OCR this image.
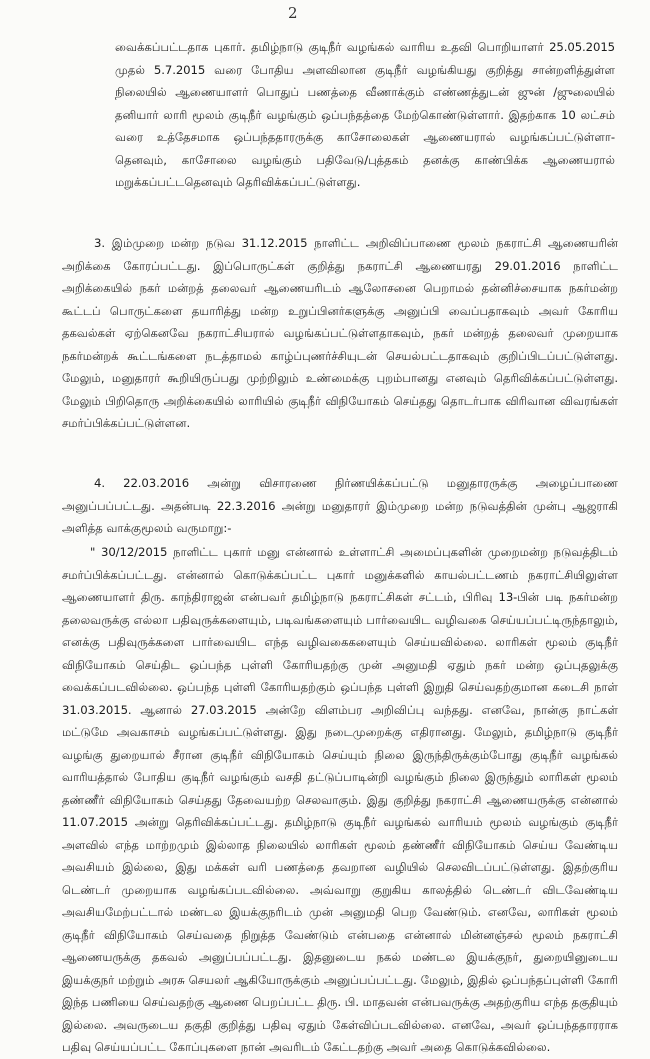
2

வைக்கப்பட்டதாக புகார். தமிழ்நாடு குடிநீர் வழங்கல் வாரிய உதவி பொறியாளர் 25.05.2015 முதல் 5.7.2015 வரை போதிய அளவிலான குடிநீர் வழங்கியது குறித்து சான்றளித்துள்ள நிலையில் ஆணையாளர் பொதுப் பணத்தை வீணாக்கும் எண்ணத்துடன் ஜுன் /ஜுலையில் தனியார் லாரி மூலம் குடிநீர் வழங்கும் ஒப்பந்தத்தை மேற்கொண்டுள்ளார். இதற்காக 10 லட்சம் வரை உத்தேசமாக ஒப்பந்ததாரருக்கு காசோலைகள் ஆணையரால் வழங்கப்பட்டுள்ளா- தெனவும், காசோலை வழங்கும் பதிவேடு/புத்தகம் தனக்கு காண்பிக்க ஆணையரால் மறுக்கப்பட்டதெனவும் தெரிவிக்கப்பட்டுள்ளது.

3. இம்முறை மன்ற நடுவ 31.12.2015 நாளிட்ட அறிவிப்பாணை மூலம் நகராட்சி ஆணையரின் அறிக்கை கோரப்பட்டது. இப்பொருட்கள் குறித்து நகராட்சி ஆணையரது 29.01.2016 நாளிட்ட அறிக்கையில் நகர் மன்றத் தலைவர் ஆணையரிடம் ஆலோசனை பெறாமல் தன்னிச்சையாக நகர்மன்ற கூட்டப் பொருட்களை தயாரித்து மன்ற உறுப்பினர்களுக்கு அனுப்பி வைப்பதாகவும் அவர் கோரிய தகவல்கள் ஏற்கெனவே நகராட்சியரால் வழங்கப்பட்டுள்ளதாகவும், நகர் மன்றத் தலைவர் முறையாக நகர்மன்றக் கூட்டங்களை நடத்தாமல் காழ்ப்புணர்ச்சியுடன் செயல்பட்டதாகவும் குறிப்பிடப்பட்டுள்ளது. மேலும், மனுதாரர் கூறியிருப்பது முற்றிலும் உண்மைக்கு புறம்பானது எனவும் தெரிவிக்கப்பட்டுள்ளது. மேலும் பிறிதொரு அறிக்கையில் லாரியில் குடிநீர் விநியோகம் செய்தது தொடர்பாக விரிவான விவரங்கள் சமர்ப்பிக்கப்பட்டுள்ளன.

4. 22.03.2016 அன்று விசாரணை நிர்ணயிக்கப்பட்டு மனுதாரருக்கு அழைப்பாணை அனுப்பப்பட்டது. அதன்படி 22.3.2016 அன்று மனுதாரர் இம்முறை மன்ற நடுவத்தின் முன்பு ஆஜராகி அளித்த வாக்குமூலம் வருமாறு:-

" 30/12/2015 நாளிட்ட புகார் மனு என்னால் உள்ளாட்சி அமைப்புகளின் முறைமன்ற நடுவத்திடம் சமர்ப்பிக்கப்பட்டது. என்னால் கொடுக்கப்பட்ட புகார் மனுக்களில் காயல்பட்டணம் நகராட்சியிலுள்ள ஆணையாளர் திரு. காந்திராஜன் என்பவர் தமிழ்நாடு நகராட்சிகள் சட்டம், பிரிவு 13-பின் படி நகர்மன்ற தலைவருக்கு எல்லா பதிவுருக்களையும், படிவங்களையும் பார்வையிட வழிவகை செய்யப்பட்டிருந்தாலும், எனக்கு பதிவுருக்களை பார்வையிட எந்த வழிவகைகளையும் செய்யவில்லை. லாரிகள் மூலம் குடிநீர் விநியோகம் செய்திட ஒப்பந்த புள்ளி கோரியதற்கு முன் அனுமதி ஏதும் நகர் மன்ற ஒப்புதலுக்கு வைக்கப்படவில்லை. ஒப்பந்த புள்ளி கோரியதற்கும் ஒப்பந்த புள்ளி இறுதி செய்வதற்குமான கடைசி நாள் 31.03.2015. ஆனால் 27.03.2015 அன்றே விளம்பர அறிவிப்பு வந்தது. எனவே, நான்கு நாட்கள் மட்டுமே அவகாசம் வழங்கப்பட்டுள்ளது. இது நடைமுறைக்கு எதிரானது. மேலும், தமிழ்நாடு குடிநீர் வழங்கு துறையால் சீரான குடிநீர் விநியோகம் செய்யும் நிலை இருந்திருக்கும்போது குடிநீர் வழங்கல் வாரியத்தால் போதிய குடிநீர் வழங்கும் வசதி தட்டுப்பாடின்றி வழங்கும் நிலை இருந்தும் லாரிகள் மூலம் தண்ணீர் விநியோகம் செய்தது தேவையற்ற செலவாகும். இது குறித்து நகராட்சி ஆணையருக்கு என்னால் 11.07.2015 அன்று தெரிவிக்கப்பட்டது. தமிழ்நாடு குடிநீர் வழங்கல் வாரியம் மூலம் வழங்கும் குடிநீர் அளவில் எந்த மாற்றமும் இல்லாத நிலையில் லாரிகள் மூலம் தண்ணீர் விநியோகம் செய்ய வேண்டிய அவசியம் இல்லை, இது மக்கள் வரி பணத்தை தவறான வழியில் செலவிடப்பட்டுள்ளது. இதற்குரிய டெண்டர் முறையாக வழங்கப்படவில்லை. அவ்வாறு குறுகிய காலத்தில் டெண்டர் விடவேண்டிய அவசியமேற்பட்டால் மண்டல இயக்குநரிடம் முன் அனுமதி பெற வேண்டும். எனவே, லாரிகள் மூலம் குடிநீர் விநியோகம் செய்வதை நிறுத்த வேண்டும் என்பதை என்னால் மின்னஞ்சல் மூலம் நகராட்சி ஆணையருக்கு தகவல் அனுப்பப்பட்டது. இதனுடைய நகல் மண்டல இயக்குநர், துறையினுடைய இயக்குநர் மற்றும் அரசு செயலர் ஆகியோருக்கும் அனுப்பப்பட்டது. மேலும், இதில் ஒப்பந்தப்புள்ளி கோரி இந்த பணியை செய்வதற்கு ஆணை பெறப்பட்ட திரு. பி. மாதவன் என்பவருக்கு அதற்குரிய எந்த தகுதியும் இல்லை. அவருடைய தகுதி குறித்து பதிவு ஏதும் கேள்விப்படவில்லை. எனவே, அவர் ஒப்பந்ததாரராக பதிவு செய்யப்பட்ட கோப்புகளை நான் அவரிடம் கேட்டதற்கு அவர் அதை கொடுக்கவில்லை.
